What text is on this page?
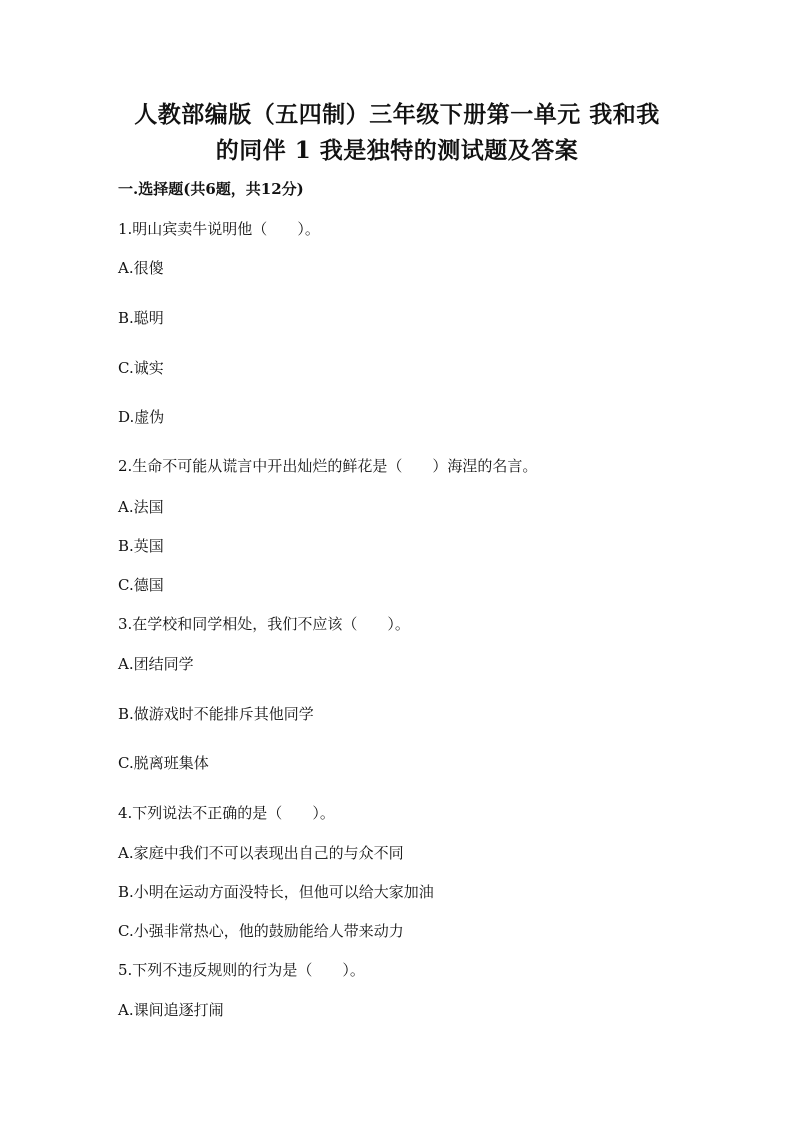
人教部编版（五四制）三年级下册第一单元 我和我
的同伴 1 我是独特的测试题及答案
一.选择题(共6题，共12分)
1.明山宾卖牛说明他（　　）。
A.很傻
B.聪明
C.诚实
D.虚伪
2.生命不可能从谎言中开出灿烂的鲜花是（　　）海涅的名言。
A.法国
B.英国
C.德国
3.在学校和同学相处，我们不应该（　　）。
A.团结同学
B.做游戏时不能排斥其他同学
C.脱离班集体
4.下列说法不正确的是（　　）。
A.家庭中我们不可以表现出自己的与众不同
B.小明在运动方面没特长，但他可以给大家加油
C.小强非常热心，他的鼓励能给人带来动力
5.下列不违反规则的行为是（　　）。
A.课间追逐打闹
